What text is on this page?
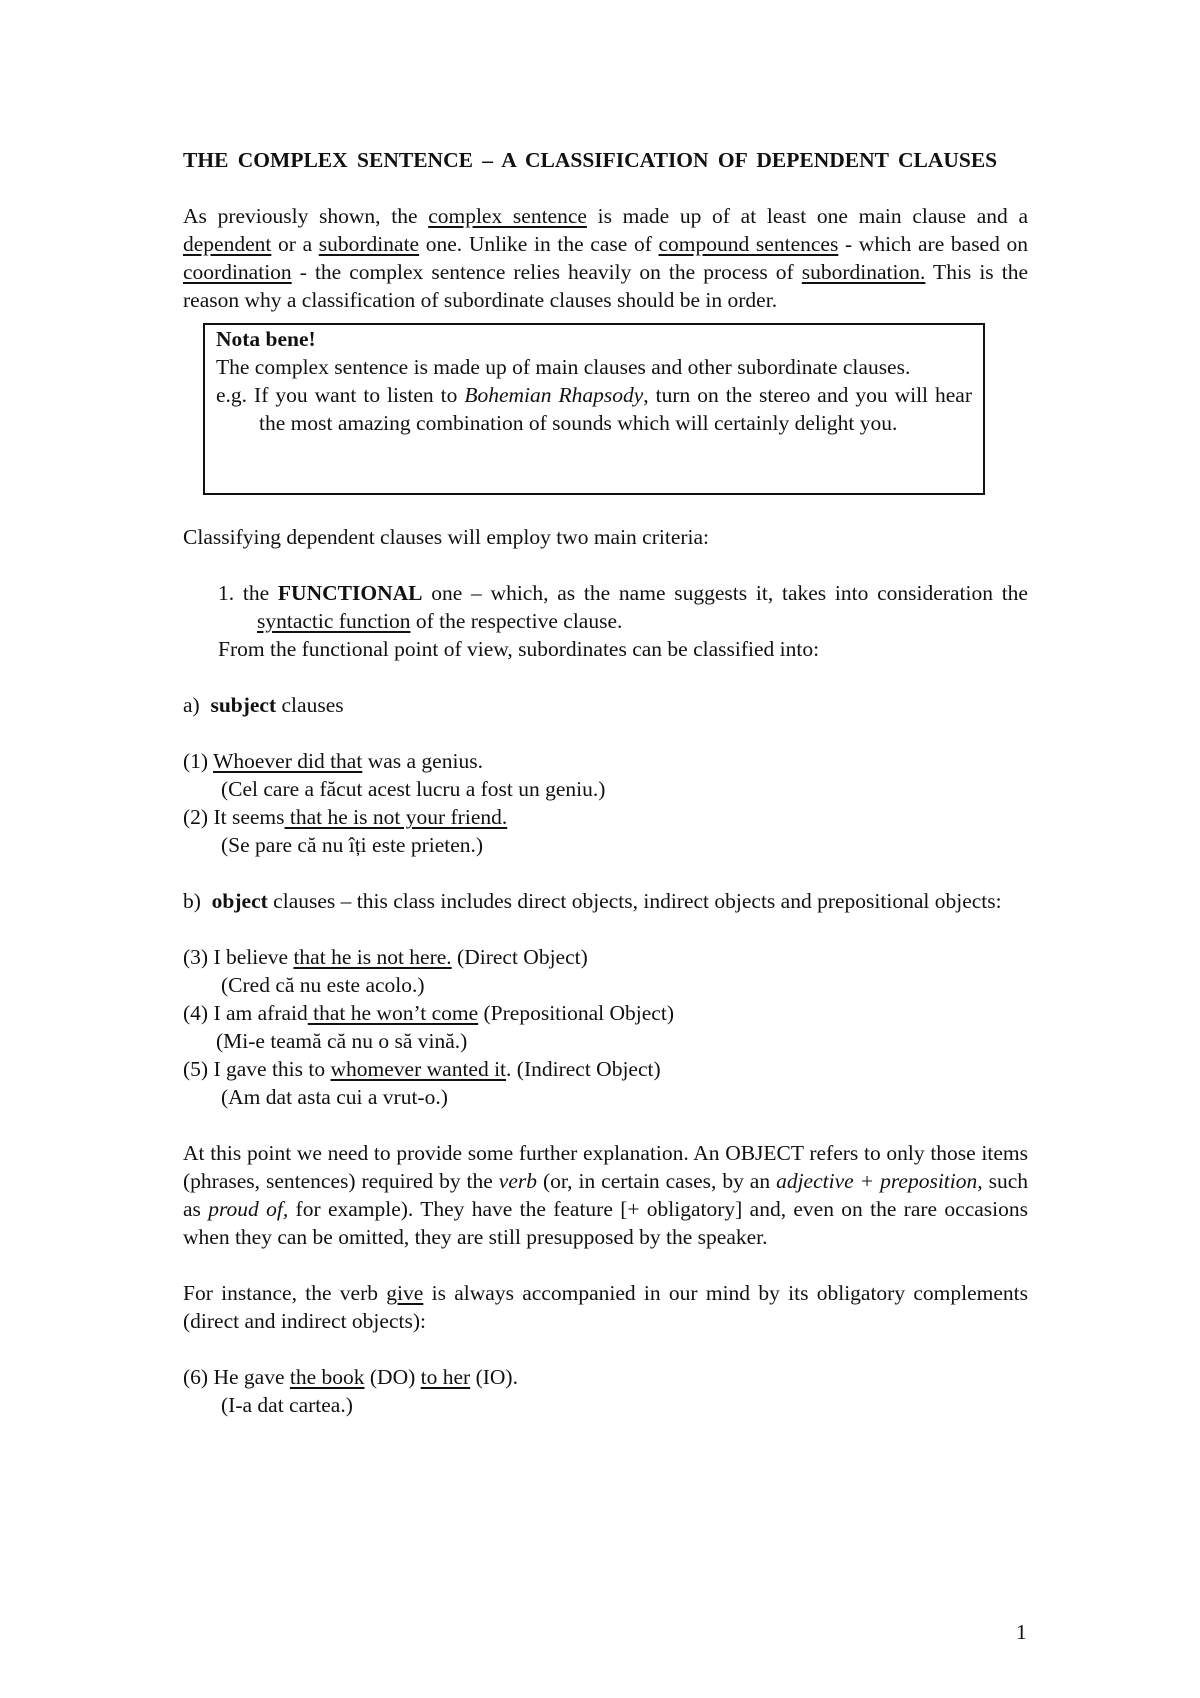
THE COMPLEX SENTENCE – A CLASSIFICATION OF DEPENDENT CLAUSES

As previously shown, the complex sentence is made up of at least one main clause and a dependent or a subordinate one. Unlike in the case of compound sentences - which are based on coordination - the complex sentence relies heavily on the process of subordination. This is the reason why a classification of subordinate clauses should be in order.

Nota bene!

The complex sentence is made up of main clauses and other subordinate clauses.

e.g. If you want to listen to Bohemian Rhapsody, turn on the stereo and you will hear the most amazing combination of sounds which will certainly delight you.

Classifying dependent clauses will employ two main criteria:

1. the FUNCTIONAL one – which, as the name suggests it, takes into consideration the syntactic function of the respective clause.

From the functional point of view, subordinates can be classified into:

a) subject clauses

(1) Whoever did that was a genius.

(Cel care a făcut acest lucru a fost un geniu.)

(2) It seems that he is not your friend.

(Se pare că nu îți este prieten.)

b) object clauses – this class includes direct objects, indirect objects and prepositional objects:

(3) I believe that he is not here. (Direct Object)

(Cred că nu este acolo.)

(4) I am afraid that he won’t come (Prepositional Object)

(Mi-e teamă că nu o să vină.)

(5) I gave this to whomever wanted it. (Indirect Object)

(Am dat asta cui a vrut-o.)

At this point we need to provide some further explanation. An OBJECT refers to only those items (phrases, sentences) required by the verb (or, in certain cases, by an adjective + preposition, such as proud of, for example). They have the feature [+ obligatory] and, even on the rare occasions when they can be omitted, they are still presupposed by the speaker.

For instance, the verb give is always accompanied in our mind by its obligatory complements (direct and indirect objects):

(6) He gave the book (DO) to her (IO).

(I-a dat cartea.)

1
